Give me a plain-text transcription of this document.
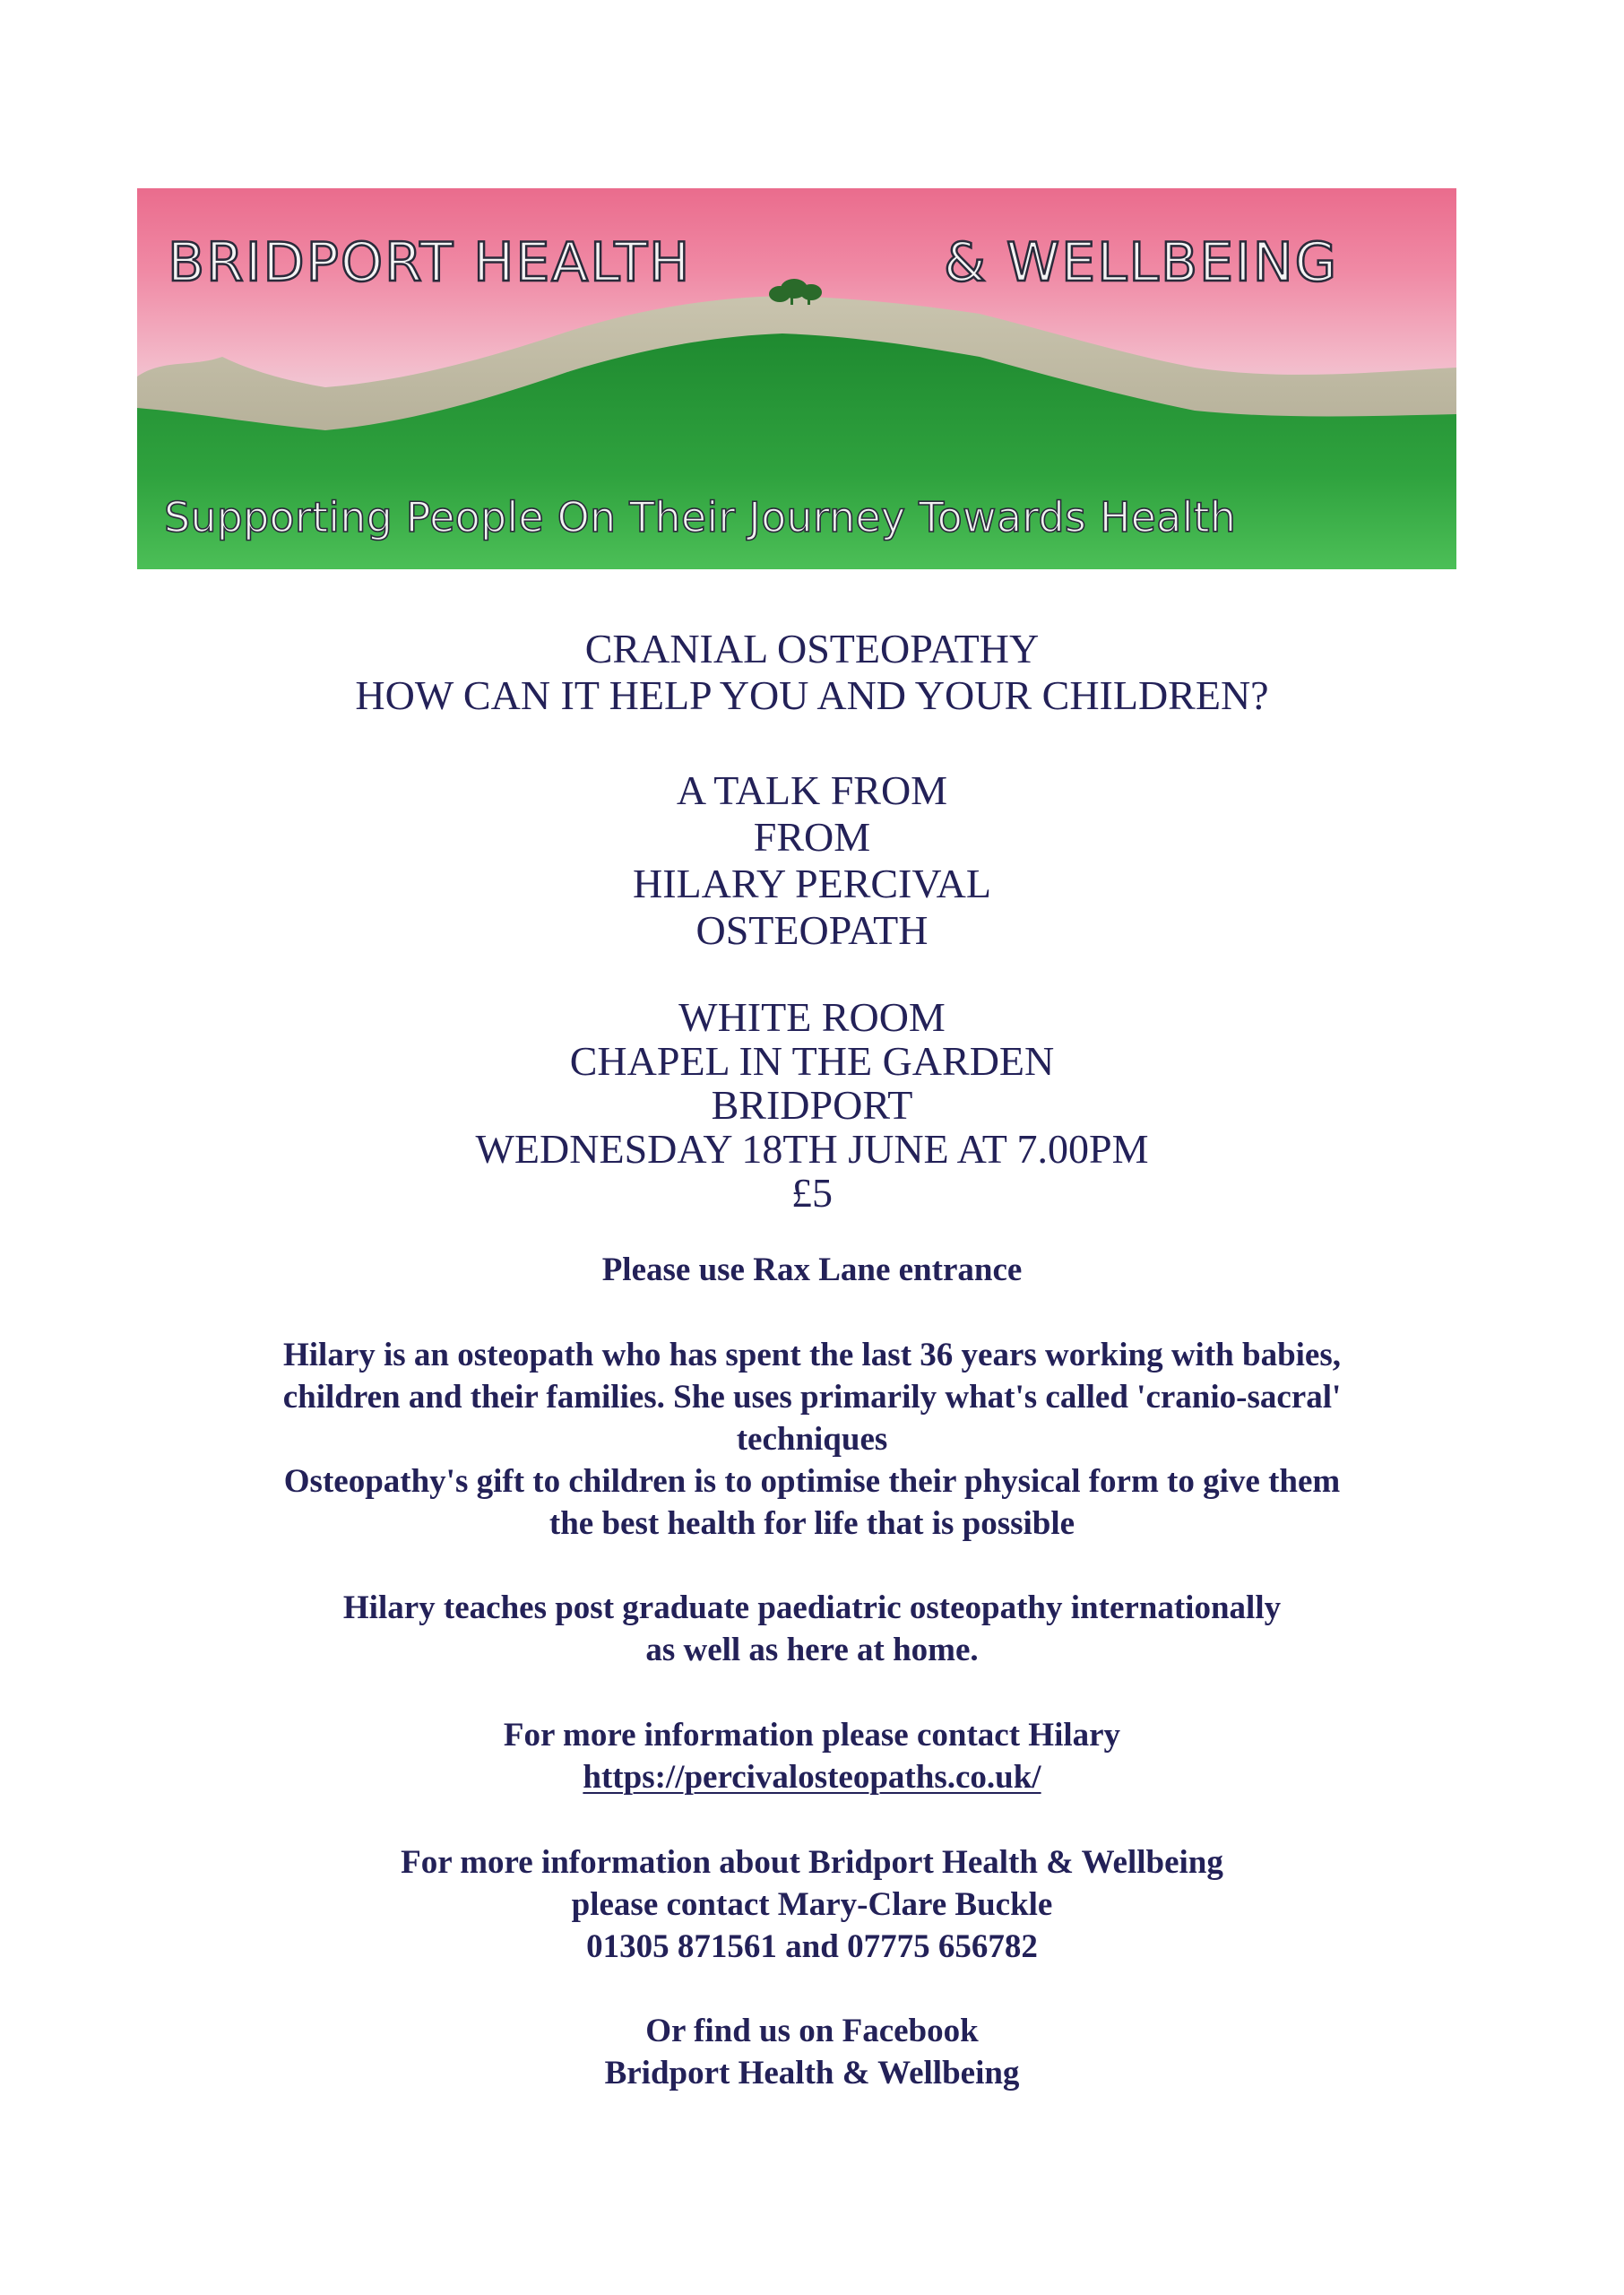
BRIDPORT HEALTH	& WELLBEING
Supporting People On Their Journey Towards Health
CRANIAL OSTEOPATHY
HOW CAN IT HELP YOU AND YOUR CHILDREN?
A TALK FROM
FROM
HILARY PERCIVAL
OSTEOPATH
WHITE ROOM
CHAPEL IN THE GARDEN
BRIDPORT
WEDNESDAY 18TH JUNE AT 7.00PM
£5
Please use Rax Lane entrance
Hilary is an osteopath who has spent the last 36 years working with babies,
children and their families. She uses primarily what's called 'cranio-sacral'
techniques
Osteopathy's gift to children is to optimise their physical form to give them
the best health for life that is possible
Hilary teaches post graduate paediatric osteopathy internationally
as well as here at home.
For more information please contact Hilary
https://percivalosteopaths.co.uk/
For more information about Bridport Health & Wellbeing
please contact Mary-Clare Buckle
01305 871561 and 07775 656782
Or find us on Facebook
Bridport Health & Wellbeing
